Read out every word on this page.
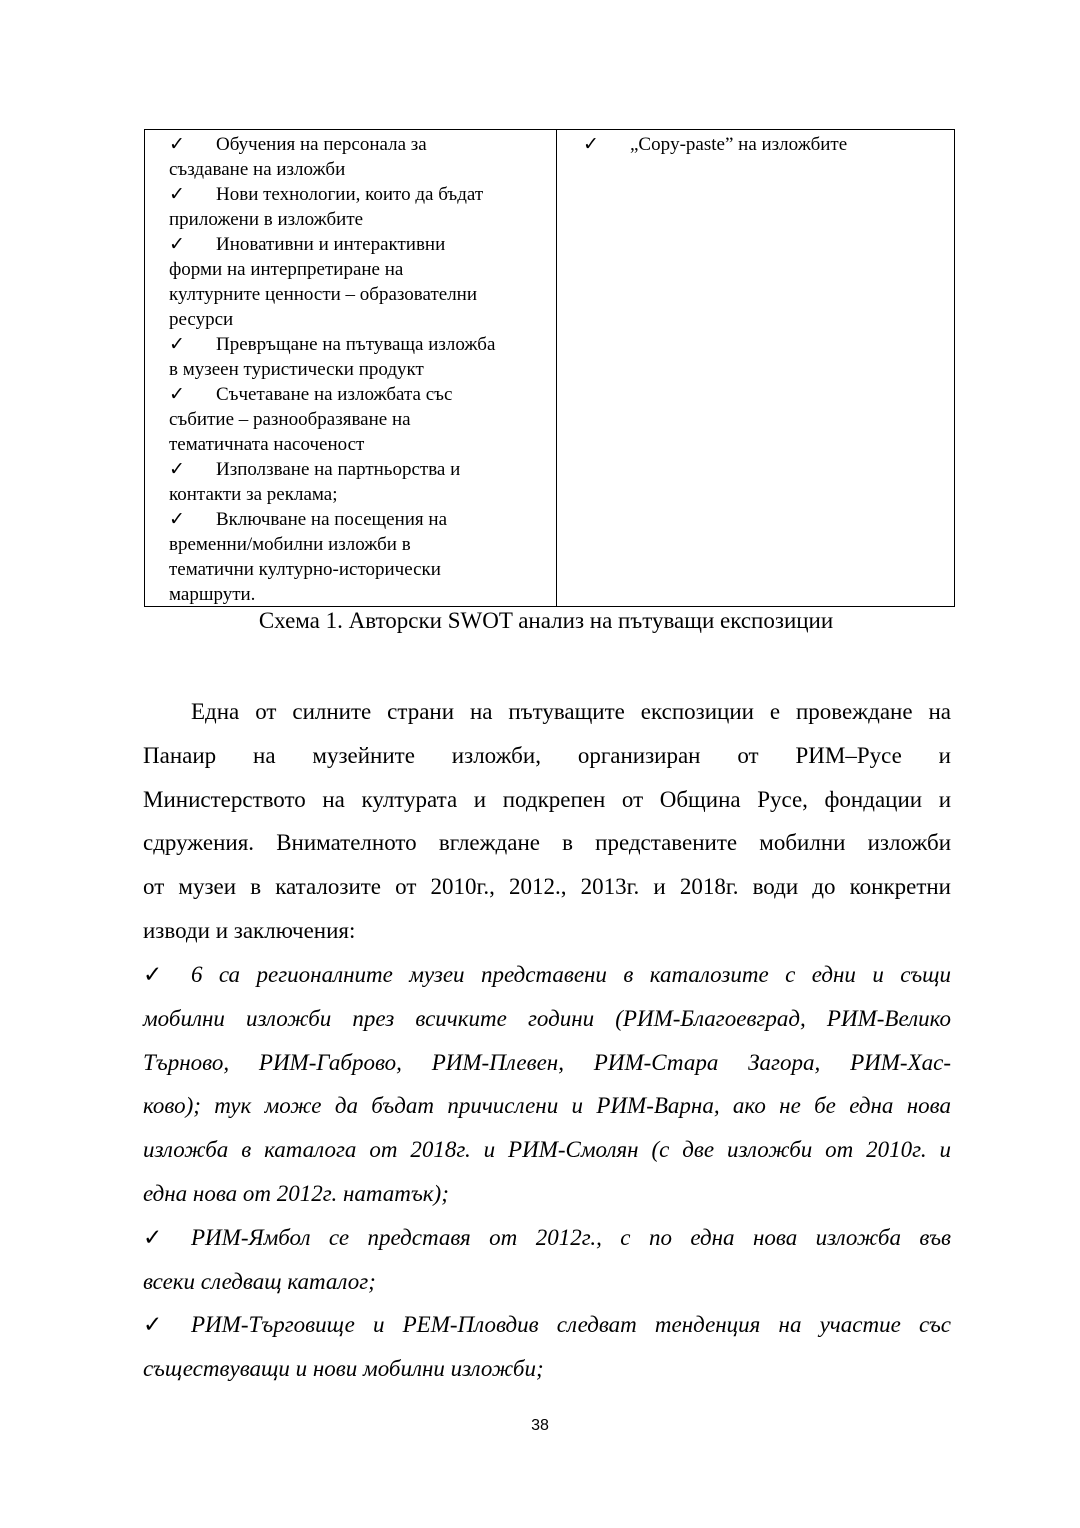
✓ Обучения на персонала за
създаване на изложби
✓ Нови технологии, които да бъдат
приложени в изложбите
✓ Иновативни и интерактивни
форми на интерпретиране на
културните ценности – образователни
ресурси
✓ Превръщане на пътуваща изложба
в музеен туристически продукт
✓ Съчетаване на изложбата със
събитие – разнообразяване на
тематичната насоченост
✓ Използване на партньорства и
контакти за реклама;
✓ Включване на посещения на
временни/мобилни изложби в
тематични културно-исторически
маршрути.
✓ „Copy-paste” на изложбите
Схема 1. Авторски SWOT анализ на пътуващи експозиции
Една от силните страни на пътуващите експозиции е провеждане на
Панаир на музейните изложби, организиран от РИМ–Русе и
Министерството на културата и подкрепен от Община Русе, фондации и
сдружения. Внимателното вглеждане в представените мобилни изложби
от музеи в каталозите от 2010г., 2012., 2013г. и 2018г. води до конкретни
изводи и заключения:
✓ 6 са регионалните музеи представени в каталозите с едни и същи
мобилни изложби през всичките години (РИМ-Благоевград, РИМ-Велико
Търново, РИМ-Габрово, РИМ-Плевен, РИМ-Стара Загора, РИМ-Хас-
ково); тук може да бъдат причислени и РИМ-Варна, ако не бе една нова
изложба в каталога от 2018г. и РИМ-Смолян (с две изложби от 2010г. и
една нова от 2012г. нататък);
✓ РИМ-Ямбол се представя от 2012г., с по една нова изложба във
всеки следващ каталог;
✓ РИМ-Търговище и РЕМ-Пловдив следват тенденция на участие със
съществуващи и нови мобилни изложби;
38
